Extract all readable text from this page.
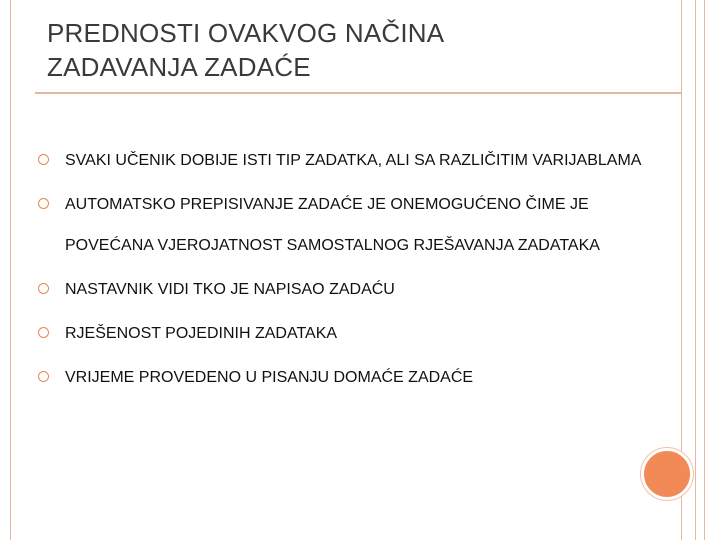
PREDNOSTI OVAKVOG NAČINA
ZADAVANJA ZADAĆE
SVAKI UČENIK DOBIJE ISTI TIP ZADATKA, ALI SA RAZLIČITIM VARIJABLAMA
AUTOMATSKO PREPISIVANJE ZADAĆE JE ONEMOGUĆENO ČIME JE POVEĆANA VJEROJATNOST SAMOSTALNOG RJEŠAVANJA ZADATAKA
NASTAVNIK VIDI TKO JE NAPISAO ZADAĆU
RJEŠENOST POJEDINIH ZADATAKA
VRIJEME PROVEDENO U PISANJU DOMAĆE ZADAĆE
